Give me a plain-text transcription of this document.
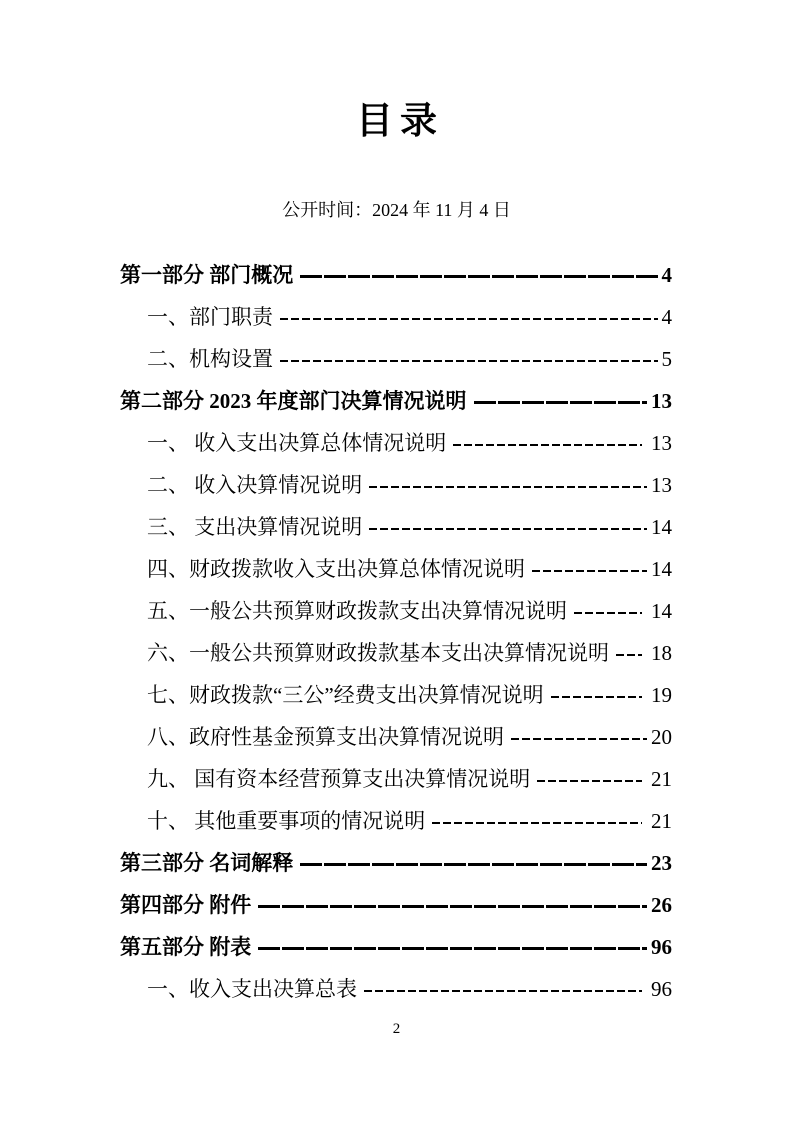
目录
公开时间：2024 年 11 月 4 日
第一部分 部门概况	4
一、部门职责	4
二、机构设置	5
第二部分 2023 年度部门决算情况说明	13
一、 收入支出决算总体情况说明	13
二、 收入决算情况说明	13
三、 支出决算情况说明	14
四、财政拨款收入支出决算总体情况说明	14
五、一般公共预算财政拨款支出决算情况说明	14
六、一般公共预算财政拨款基本支出决算情况说明 18
七、财政拨款“三公”经费支出决算情况说明	19
八、政府性基金预算支出决算情况说明	20
九、 国有资本经营预算支出决算情况说明	21
十、 其他重要事项的情况说明	21
第三部分 名词解释	23
第四部分 附件	26
第五部分 附表	96
一、收入支出决算总表	96
2
